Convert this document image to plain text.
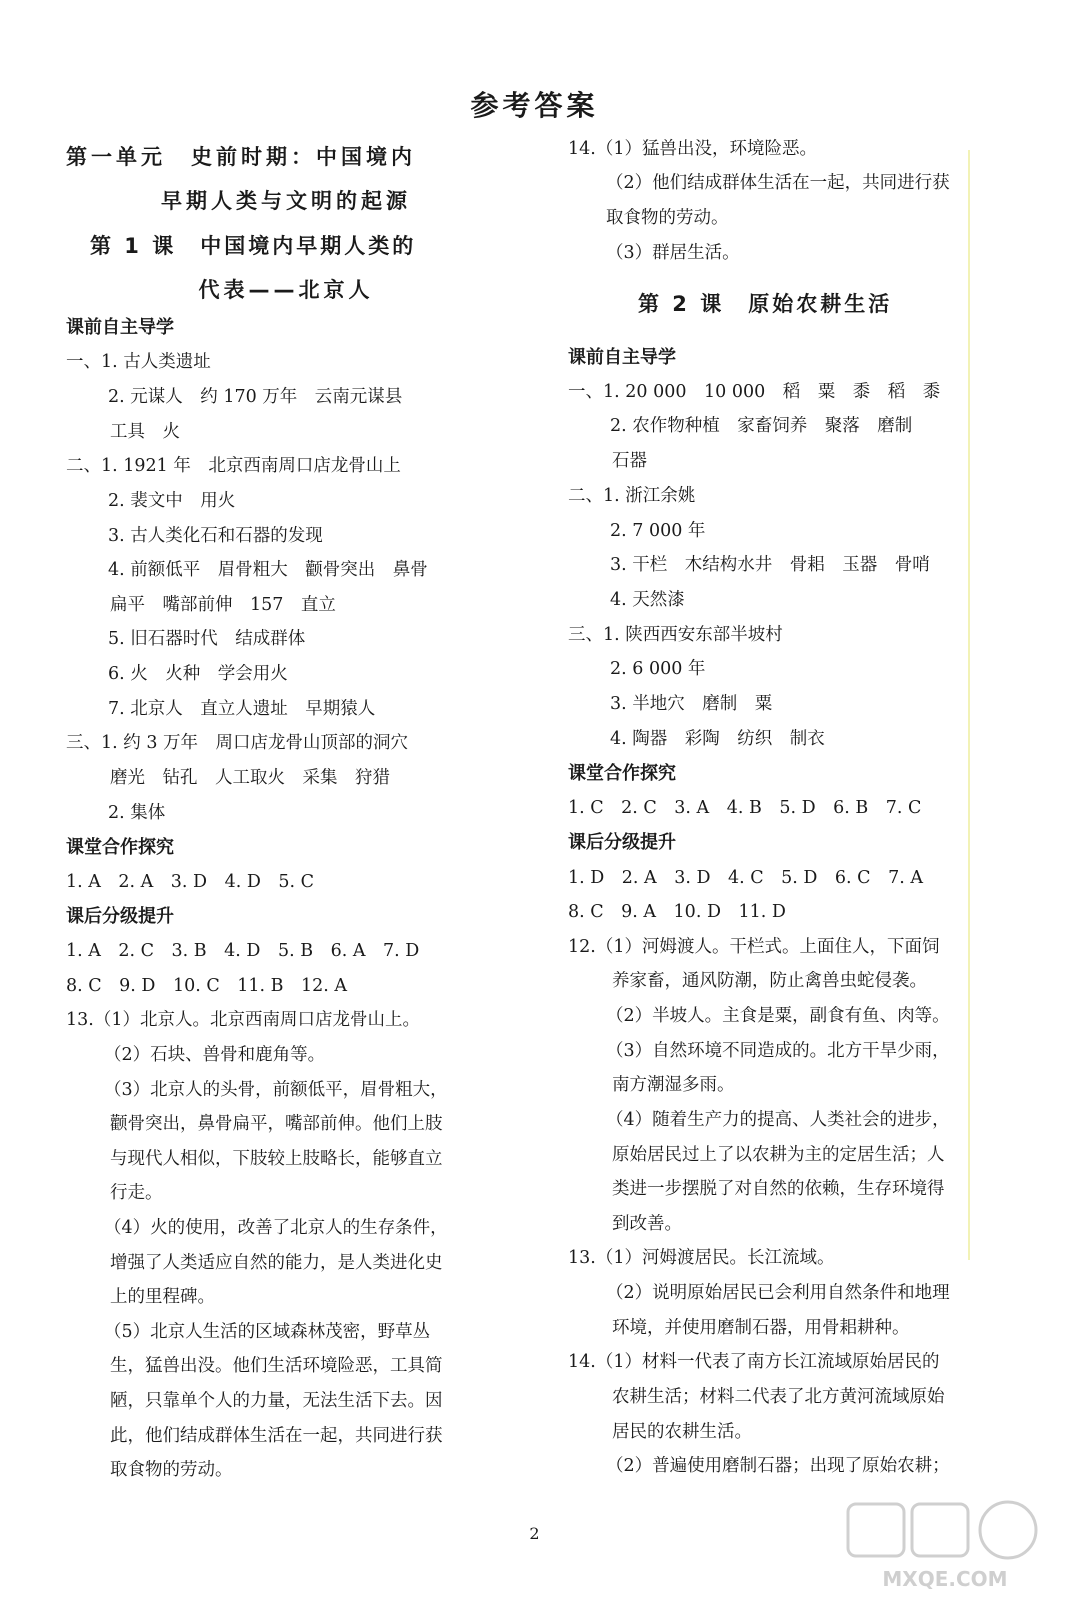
参考答案
第一单元　史前时期：中国境内
早期人类与文明的起源
第 1 课　中国境内早期人类的
代表——北京人
课前自主导学
一、1. 古人类遗址
2. 元谋人　约 170 万年　云南元谋县
工具　火
二、1. 1921 年　北京西南周口店龙骨山上
2. 裴文中　用火
3. 古人类化石和石器的发现
4. 前额低平　眉骨粗大　颧骨突出　鼻骨
扁平　嘴部前伸　157　直立
5. 旧石器时代　结成群体
6. 火　火种　学会用火
7. 北京人　直立人遗址　早期猿人
三、1. 约 3 万年　周口店龙骨山顶部的洞穴
磨光　钻孔　人工取火　采集　狩猎
2. 集体
课堂合作探究
1. A　2. A　3. D　4. D　5. C
课后分级提升
1. A　2. C　3. B　4. D　5. B　6. A　7. D
8. C　9. D　10. C　11. B　12. A
13.（1）北京人。北京西南周口店龙骨山上。
（2）石块、兽骨和鹿角等。
（3）北京人的头骨，前额低平，眉骨粗大，
颧骨突出，鼻骨扁平，嘴部前伸。他们上肢
与现代人相似，下肢较上肢略长，能够直立
行走。
（4）火的使用，改善了北京人的生存条件，
增强了人类适应自然的能力，是人类进化史
上的里程碑。
（5）北京人生活的区域森林茂密，野草丛
生，猛兽出没。他们生活环境险恶，工具简
陋，只靠单个人的力量，无法生活下去。因
此，他们结成群体生活在一起，共同进行获
取食物的劳动。
14.（1）猛兽出没，环境险恶。
（2）他们结成群体生活在一起，共同进行获
取食物的劳动。
（3）群居生活。
第 2 课　原始农耕生活
课前自主导学
一、1. 20 000　10 000　稻　粟　黍　稻　黍
2. 农作物种植　家畜饲养　聚落　磨制
石器
二、1. 浙江余姚
2. 7 000 年
3. 干栏　木结构水井　骨耜　玉器　骨哨
4. 天然漆
三、1. 陕西西安东部半坡村
2. 6 000 年
3. 半地穴　磨制　粟
4. 陶器　彩陶　纺织　制衣
课堂合作探究
1. C　2. C　3. A　4. B　5. D　6. B　7. C
课后分级提升
1. D　2. A　3. D　4. C　5. D　6. C　7. A
8. C　9. A　10. D　11. D
12.（1）河姆渡人。干栏式。上面住人，下面饲
养家畜，通风防潮，防止禽兽虫蛇侵袭。
（2）半坡人。主食是粟，副食有鱼、肉等。
（3）自然环境不同造成的。北方干旱少雨，
南方潮湿多雨。
（4）随着生产力的提高、人类社会的进步，
原始居民过上了以农耕为主的定居生活；人
类进一步摆脱了对自然的依赖，生存环境得
到改善。
13.（1）河姆渡居民。长江流域。
（2）说明原始居民已会利用自然条件和地理
环境，并使用磨制石器，用骨耜耕种。
14.（1）材料一代表了南方长江流域原始居民的
农耕生活；材料二代表了北方黄河流域原始
居民的农耕生活。
（2）普遍使用磨制石器；出现了原始农耕；
2
MXQE.COM
